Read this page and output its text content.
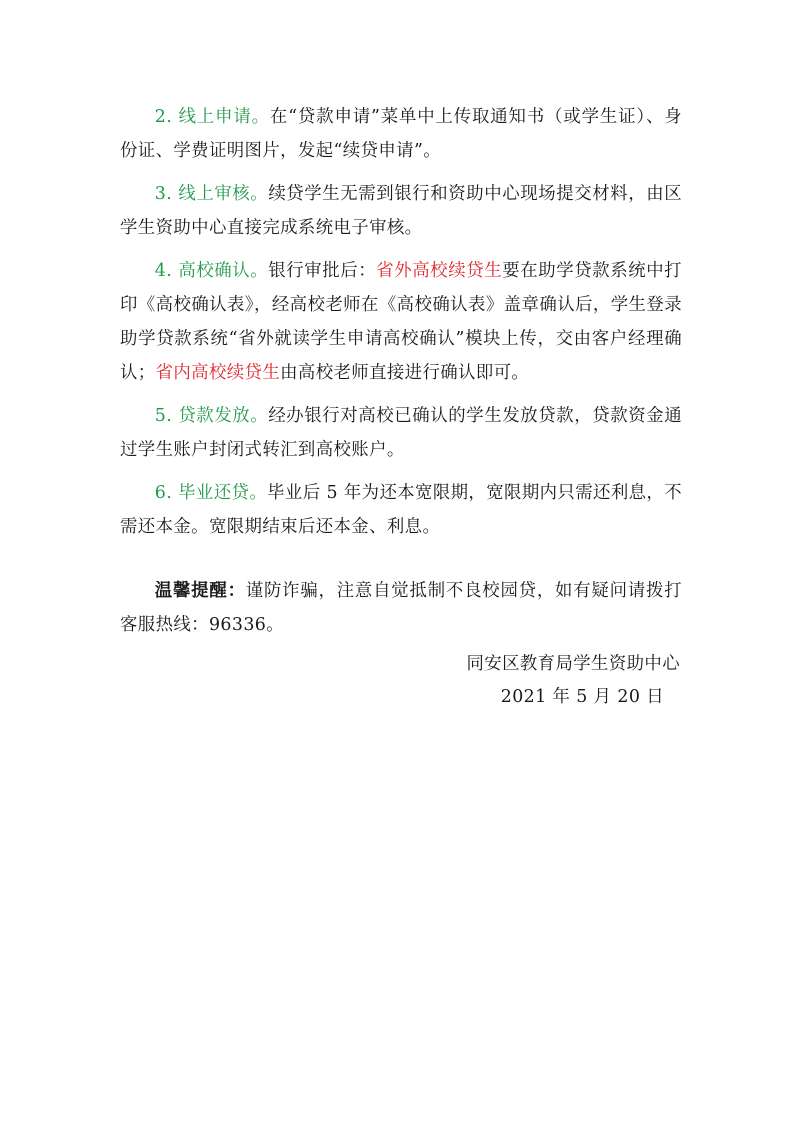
2. 线上申请。在“贷款申请”菜单中上传取通知书（或学生证）、身份证、学费证明图片，发起“续贷申请”。

3. 线上审核。续贷学生无需到银行和资助中心现场提交材料，由区学生资助中心直接完成系统电子审核。

4. 高校确认。银行审批后：省外高校续贷生要在助学贷款系统中打印《高校确认表》，经高校老师在《高校确认表》盖章确认后，学生登录助学贷款系统“省外就读学生申请高校确认”模块上传，交由客户经理确认；省内高校续贷生由高校老师直接进行确认即可。

5. 贷款发放。经办银行对高校已确认的学生发放贷款，贷款资金通过学生账户封闭式转汇到高校账户。

6. 毕业还贷。毕业后 5 年为还本宽限期，宽限期内只需还利息，不需还本金。宽限期结束后还本金、利息。

温馨提醒：谨防诈骗，注意自觉抵制不良校园贷，如有疑问请拨打客服热线：96336。

同安区教育局学生资助中心
2021 年 5 月 20 日
